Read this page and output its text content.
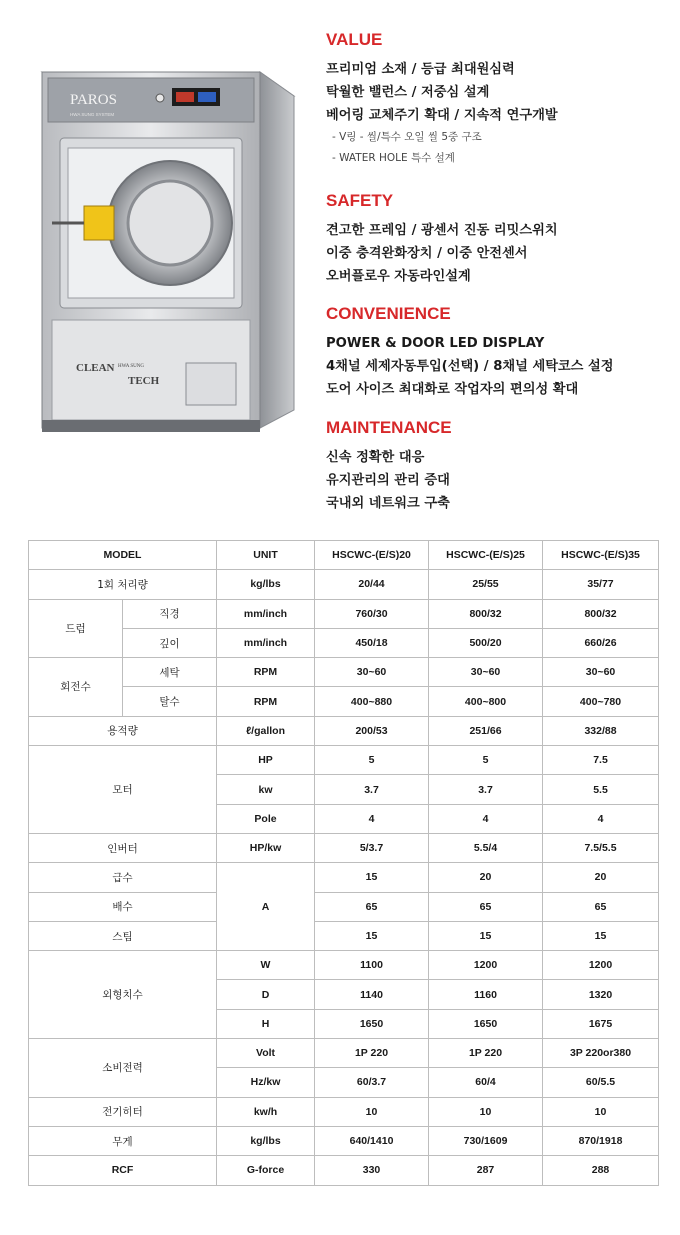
PAROS
HWA SUNG SYSTEM
CLEAN HWA SUNG
TECH
VALUE
프리미엄 소재 / 등급 최대원심력
탁월한 밸런스 / 저중심 설계
베어링 교체주기 확대 / 지속적 연구개발
- V링 - 씰/특수 오일 씰 5중 구조
- WATER HOLE 특수 설계
SAFETY
견고한 프레임 / 광센서 진동 리밋스위치
이중 충격완화장치 / 이중 안전센서
오버플로우 자동라인설계
CONVENIENCE
POWER & DOOR LED DISPLAY
4채널 세제자동투입(선택) / 8채널 세탁코스 설정
도어 사이즈 최대화로 작업자의 편의성 확대
MAINTENANCE
신속 정확한 대응
유지관리의 관리 증대
국내외 네트워크 구축
MODEL		UNIT	HSCWC-(E/S)20	HSCWC-(E/S)25	HSCWC-(E/S)35
1회 처리량		kg/lbs	20/44	25/55	35/77
드럼	직경	mm/inch	760/30	800/32	800/32
	깊이	mm/inch	450/18	500/20	660/26
회전수	세탁	RPM	30~60	30~60	30~60
	탈수	RPM	400~880	400~800	400~780
용적량		ℓ/gallon	200/53	251/66	332/88
모터		HP	5	5	7.5
		kw	3.7	3.7	5.5
		Pole	4	4	4
인버터		HP/kw	5/3.7	5.5/4	7.5/5.5
급수		A	15	20	20
배수			65	65	65
스팀			15	15	15
외형치수		W	1100	1200	1200
		D	1140	1160	1320
		H	1650	1650	1675
소비전력		Volt	1P 220	1P 220	3P 220or380
		Hz/kw	60/3.7	60/4	60/5.5
전기히터		kw/h	10	10	10
무게		kg/lbs	640/1410	730/1609	870/1918
RCF		G-force	330	287	288
